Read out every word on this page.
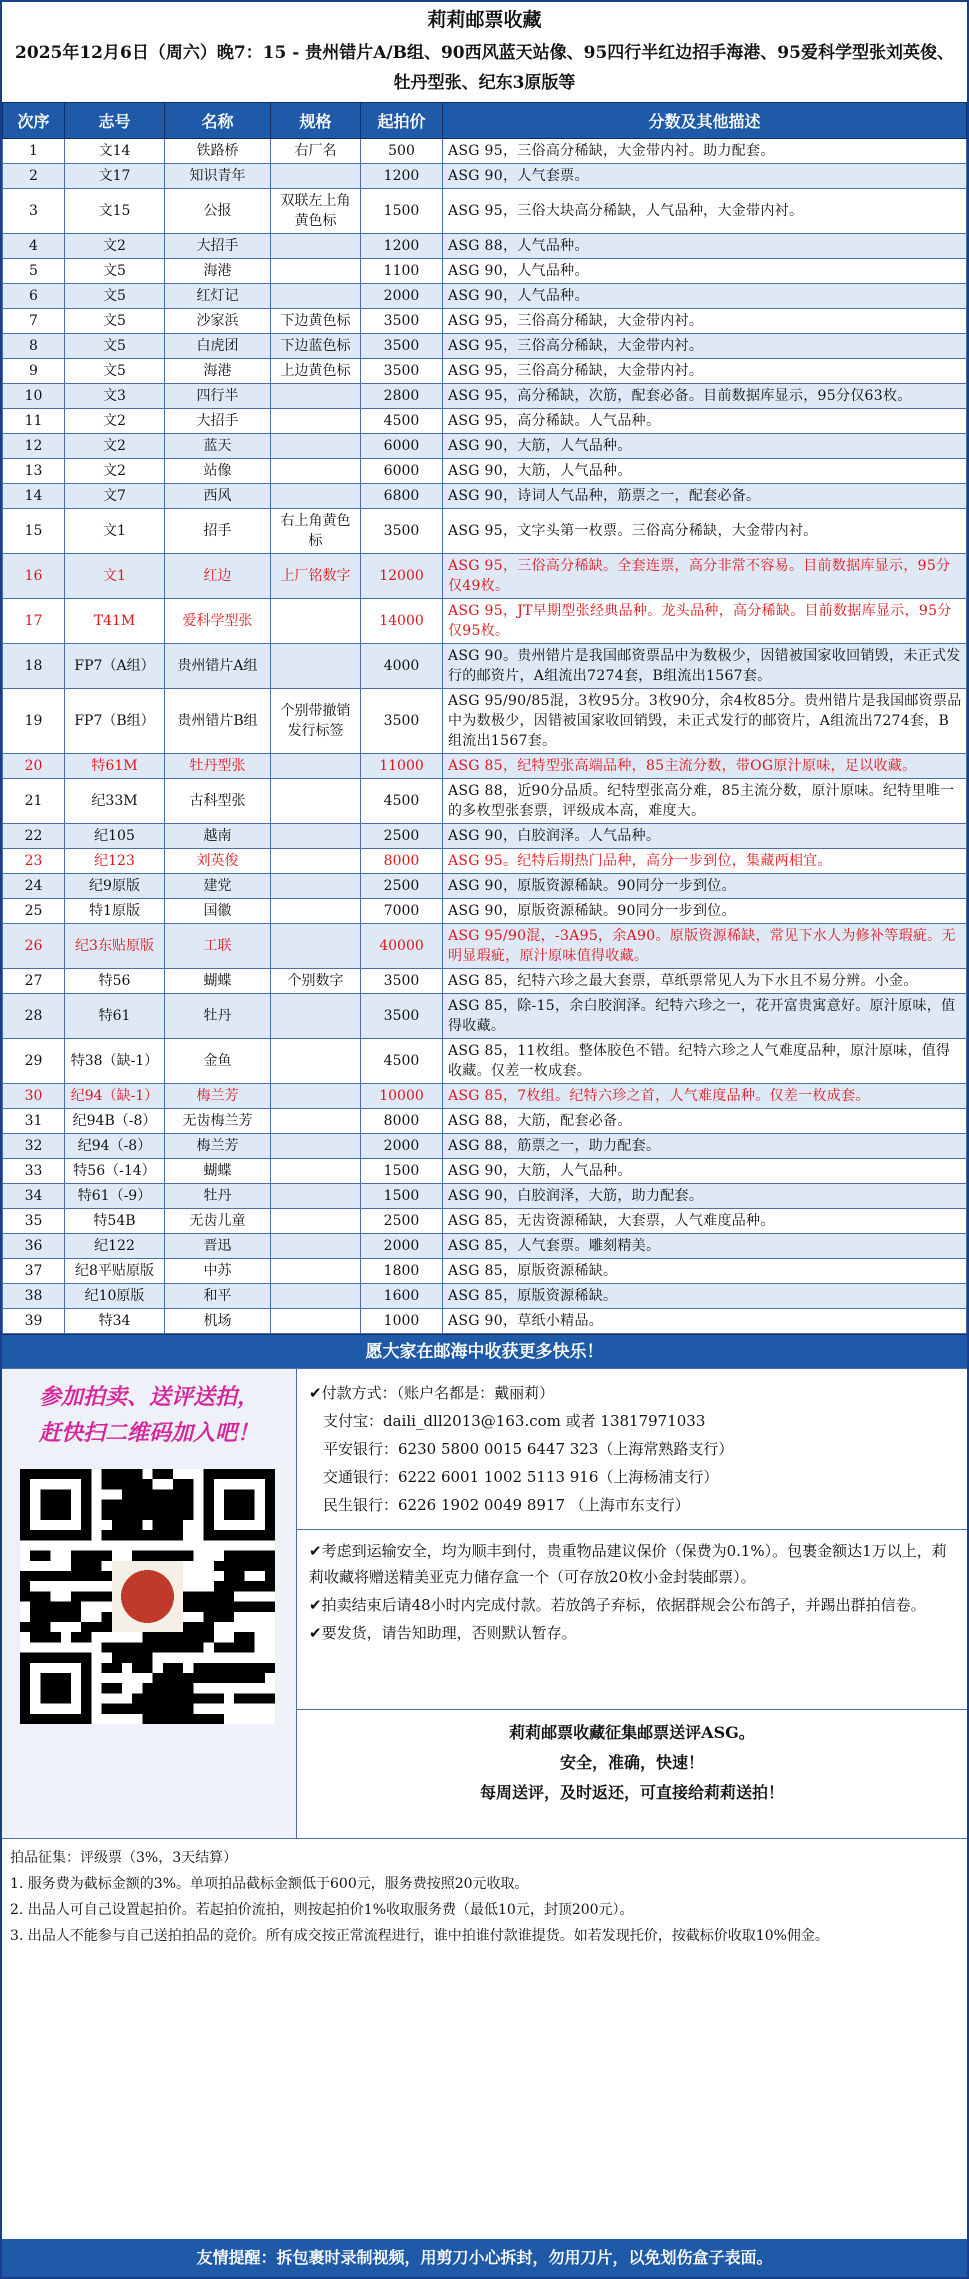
莉莉邮票收藏
2025年12月6日（周六）晚7：15 - 贵州错片A/B组、90西风蓝天站像、95四行半红边招手海港、95爱科学型张刘英俊、牡丹型张、纪东3原版等
次序	志号	名称	规格	起拍价	分数及其他描述
1	文14	铁路桥	右厂名	500	ASG 95，三俗高分稀缺，大金带内衬。助力配套。
2	文17	知识青年		1200	ASG 90，人气套票。
3	文15	公报	双联左上角黄色标	1500	ASG 95，三俗大块高分稀缺，人气品种，大金带内衬。
4	文2	大招手		1200	ASG 88，人气品种。
5	文5	海港		1100	ASG 90，人气品种。
6	文5	红灯记		2000	ASG 90，人气品种。
7	文5	沙家浜	下边黄色标	3500	ASG 95，三俗高分稀缺，大金带内衬。
8	文5	白虎团	下边蓝色标	3500	ASG 95，三俗高分稀缺，大金带内衬。
9	文5	海港	上边黄色标	3500	ASG 95，三俗高分稀缺，大金带内衬。
10	文3	四行半		2800	ASG 95，高分稀缺，次筋，配套必备。目前数据库显示，95分仅63枚。
11	文2	大招手		4500	ASG 95，高分稀缺。人气品种。
12	文2	蓝天		6000	ASG 90，大筋，人气品种。
13	文2	站像		6000	ASG 90，大筋，人气品种。
14	文7	西风		6800	ASG 90，诗词人气品种，筋票之一，配套必备。
15	文1	招手	右上角黄色标	3500	ASG 95，文字头第一枚票。三俗高分稀缺，大金带内衬。
16	文1	红边	上厂铭数字	12000	ASG 95，三俗高分稀缺。全套连票，高分非常不容易。目前数据库显示，95分仅49枚。
17	T41M	爱科学型张		14000	ASG 95，JT早期型张经典品种。龙头品种，高分稀缺。目前数据库显示，95分仅95枚。
18	FP7（A组）	贵州错片A组		4000	ASG 90。贵州错片是我国邮资票品中为数极少，因错被国家收回销毁，未正式发行的邮资片，A组流出7274套，B组流出1567套。
19	FP7（B组）	贵州错片B组	个别带撤销发行标签	3500	ASG 95/90/85混，3枚95分。3枚90分，余4枚85分。贵州错片是我国邮资票品中为数极少，因错被国家收回销毁，未正式发行的邮资片，A组流出7274套，B组流出1567套。
20	特61M	牡丹型张		11000	ASG 85，纪特型张高端品种，85主流分数，带OG原汁原味，足以收藏。
21	纪33M	古科型张		4500	ASG 88，近90分品质。纪特型张高分难，85主流分数，原汁原味。纪特里唯一的多枚型张套票，评级成本高，难度大。
22	纪105	越南		2500	ASG 90，白胶润泽。人气品种。
23	纪123	刘英俊		8000	ASG 95。纪特后期热门品种，高分一步到位，集藏两相宜。
24	纪9原版	建党		2500	ASG 90，原版资源稀缺。90同分一步到位。
25	特1原版	国徽		7000	ASG 90，原版资源稀缺。90同分一步到位。
26	纪3东贴原版	工联		40000	ASG 95/90混，-3A95，余A90。原版资源稀缺，常见下水人为修补等瑕疵。无明显瑕疵，原汁原味值得收藏。
27	特56	蝴蝶	个别数字	3500	ASG 85，纪特六珍之最大套票，草纸票常见人为下水且不易分辨。小金。
28	特61	牡丹		3500	ASG 85，除-15，余白胶润泽。纪特六珍之一，花开富贵寓意好。原汁原味，值得收藏。
29	特38（缺-1）	金鱼		4500	ASG 85，11枚组。整体胶色不错。纪特六珍之人气难度品种，原汁原味，值得收藏。仅差一枚成套。
30	纪94（缺-1）	梅兰芳		10000	ASG 85，7枚组。纪特六珍之首，人气难度品种。仅差一枚成套。
31	纪94B（-8）	无齿梅兰芳		8000	ASG 88，大筋，配套必备。
32	纪94（-8）	梅兰芳		2000	ASG 88，筋票之一，助力配套。
33	特56（-14）	蝴蝶		1500	ASG 90，大筋，人气品种。
34	特61（-9）	牡丹		1500	ASG 90，白胶润泽，大筋，助力配套。
35	特54B	无齿儿童		2500	ASG 85，无齿资源稀缺，大套票，人气难度品种。
36	纪122	晋迅		2000	ASG 85，人气套票。雕刻精美。
37	纪8平贴原版	中苏		1800	ASG 85，原版资源稀缺。
38	纪10原版	和平		1600	ASG 85，原版资源稀缺。
39	特34	机场		1000	ASG 90，草纸小精品。
愿大家在邮海中收获更多快乐！
参加拍卖、送评送拍，
赶快扫二维码加入吧！
✔付款方式：（账户名都是：戴丽莉）
支付宝：daili_dll2013@163.com 或者 13817971033
平安银行：6230 5800 0015 6447 323（上海常熟路支行）
交通银行：6222 6001 1002 5113 916（上海杨浦支行）
民生银行：6226 1902 0049 8917 （上海市东支行）

✔考虑到运输安全，均为顺丰到付，贵重物品建议保价（保费为0.1%）。包裹金额达1万以上，莉莉收藏将赠送精美亚克力储存盒一个（可存放20枚小金封装邮票）。

✔拍卖结束后请48小时内完成付款。若放鸽子弃标，依据群规会公布鸽子，并踢出群拍信卷。

✔要发货，请告知助理，否则默认暂存。

莉莉邮票收藏征集邮票送评ASG。
安全，准确，快速！
每周送评，及时返还，可直接给莉莉送拍！
拍品征集：评级票（3%，3天结算）
1. 服务费为截标金额的3%。单项拍品截标金额低于600元，服务费按照20元收取。
2. 出品人可自己设置起拍价。若起拍价流拍，则按起拍价1%收取服务费（最低10元，封顶200元）。
3. 出品人不能参与自己送拍拍品的竞价。所有成交按正常流程进行，谁中拍谁付款谁提货。如若发现托价，按截标价收取10%佣金。
友情提醒：拆包裹时录制视频，用剪刀小心拆封，勿用刀片，以免划伤盒子表面。
